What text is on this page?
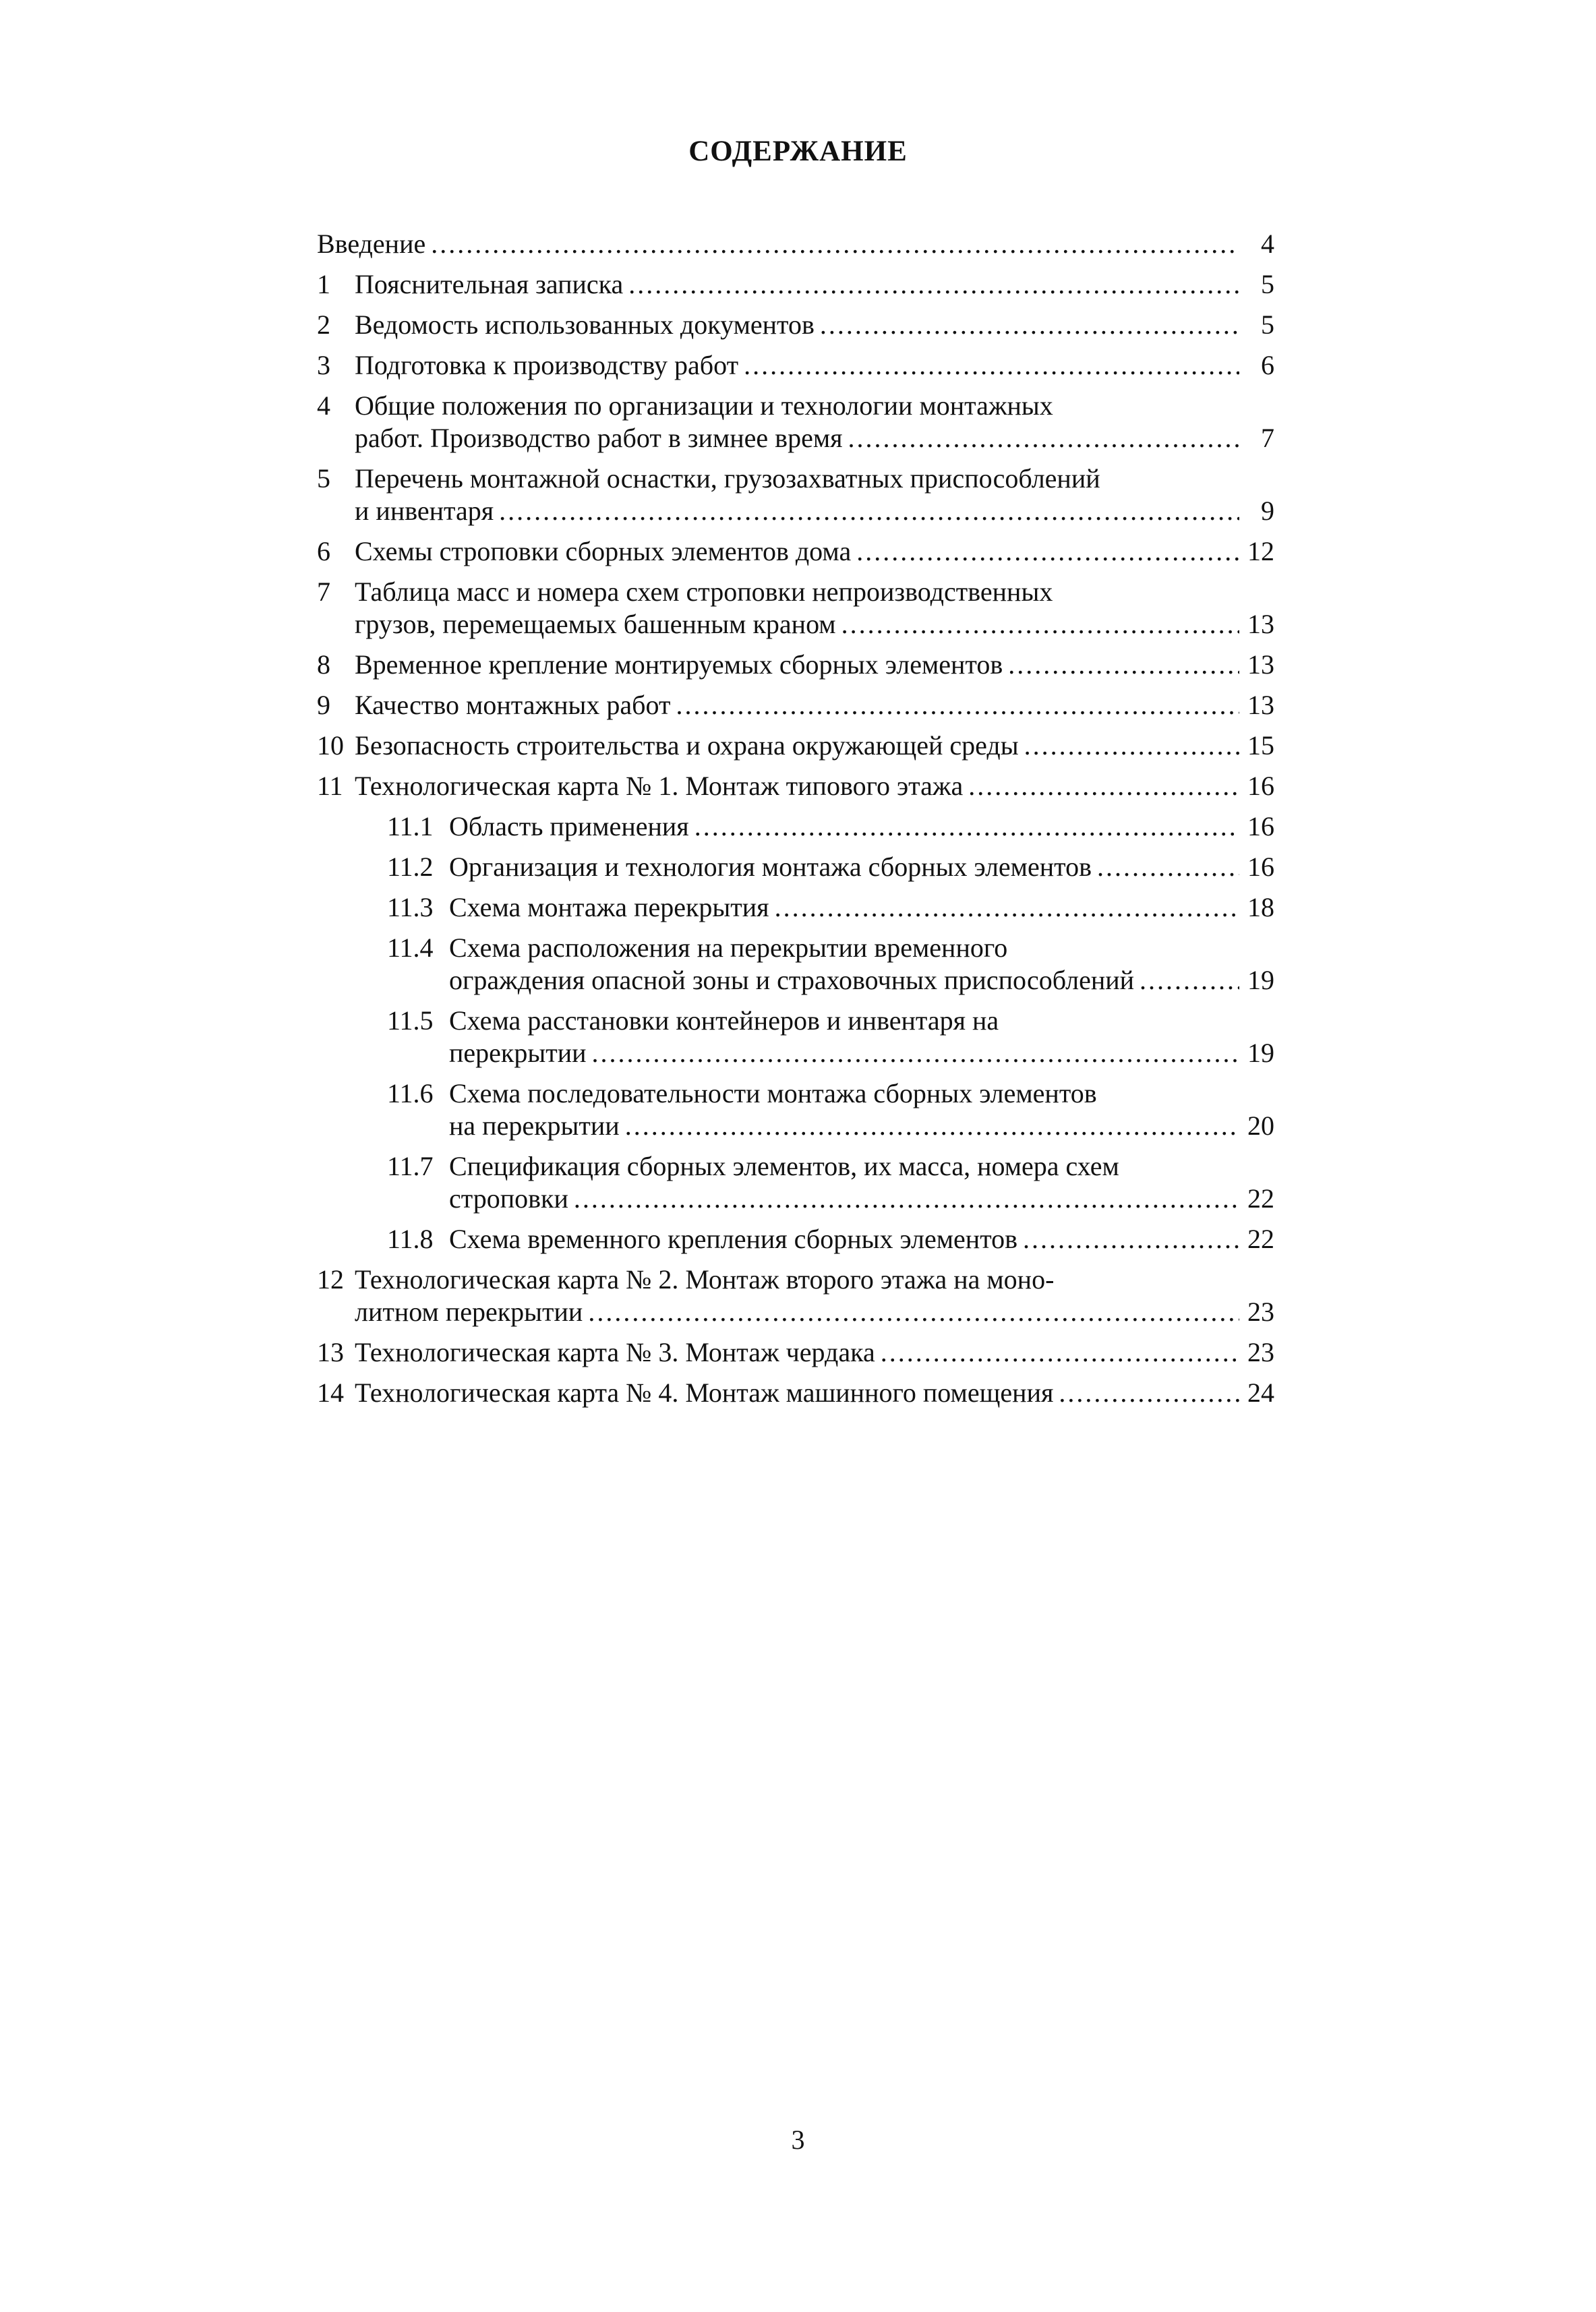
СОДЕРЖАНИЕ
Введение .....	4
1 Пояснительная записка .....	5
2 Ведомость использованных документов .....	5
3 Подготовка к производству работ .....	6
4 Общие положения по организации и технологии монтажных
работ. Производство работ в зимнее время .....	7
5 Перечень монтажной оснастки, грузозахватных приспособлений
и инвентаря .....	9
6 Схемы строповки сборных элементов дома .....	12
7 Таблица масс и номера схем строповки непроизводственных
грузов, перемещаемых башенным краном .....	13
8 Временное крепление монтируемых сборных элементов .....	13
9 Качество монтажных работ .....	13
10 Безопасность строительства и охрана окружающей среды .....	15
11 Технологическая карта № 1. Монтаж типового этажа .....	16
11.1 Область применения .....	16
11.2 Организация и технология монтажа сборных элементов .....	16
11.3 Схема монтажа перекрытия .....	18
11.4 Схема расположения на перекрытии временного
ограждения опасной зоны и страховочных приспособлений .....	19
11.5 Схема расстановки контейнеров и инвентаря на
перекрытии .....	19
11.6 Схема последовательности монтажа сборных элементов
на перекрытии .....	20
11.7 Спецификация сборных элементов, их масса, номера схем
строповки .....	22
11.8 Схема временного крепления сборных элементов .....	22
12 Технологическая карта № 2. Монтаж второго этажа на моно-
литном перекрытии .....	23
13 Технологическая карта № 3. Монтаж чердака .....	23
14 Технологическая карта № 4. Монтаж машинного помещения .....	24
3
